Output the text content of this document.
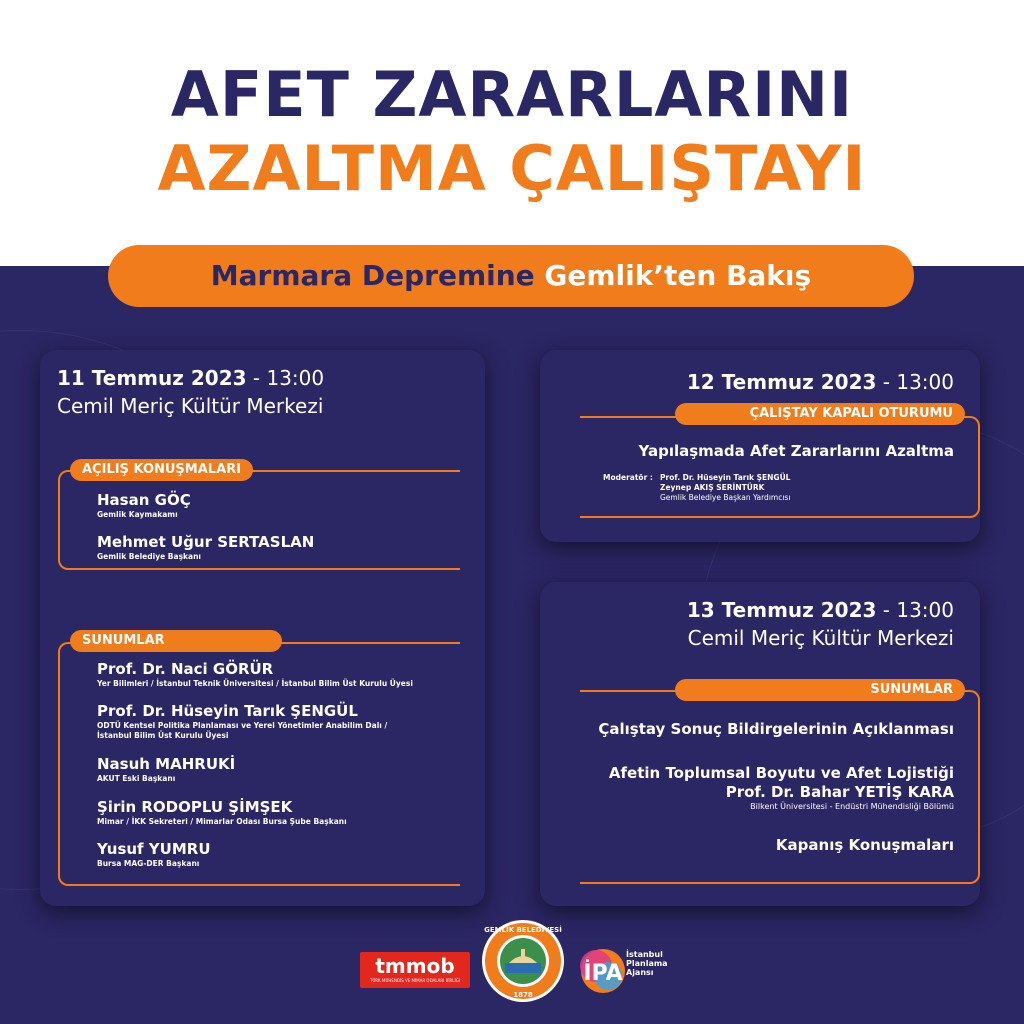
AFET ZARARLARINI
AZALTMA ÇALIŞTAYI
Marmara Depremine Gemlik’ten Bakış
11 Temmuz 2023 - 13:00
Cemil Meriç Kültür Merkezi
AÇILIŞ KONUŞMALARI
Hasan GÖÇ
Gemlik Kaymakamı
Mehmet Uğur SERTASLAN
Gemlik Belediye Başkanı
SUNUMLAR
Prof. Dr. Naci GÖRÜR
Yer Bilimleri / İstanbul Teknik Üniversitesi / İstanbul Bilim Üst Kurulu Üyesi
Prof. Dr. Hüseyin Tarık ŞENGÜL
ODTÜ Kentsel Politika Planlaması ve Yerel Yönetimler Anabilim Dalı /
İstanbul Bilim Üst Kurulu Üyesi
Nasuh MAHRUKİ
AKUT Eski Başkanı
Şirin RODOPLU ŞİMŞEK
Mimar / İKK Sekreteri / Mimarlar Odası Bursa Şube Başkanı
Yusuf YUMRU
Bursa MAG-DER Başkanı
12 Temmuz 2023 - 13:00
ÇALIŞTAY KAPALI OTURUMU
Yapılaşmada Afet Zararlarını Azaltma
Moderatör : Prof. Dr. Hüseyin Tarık ŞENGÜL
Zeynep AKIŞ SERİNTÜRK
Gemlik Belediye Başkan Yardımcısı
13 Temmuz 2023 - 13:00
Cemil Meriç Kültür Merkezi
SUNUMLAR
Çalıştay Sonuç Bildirgelerinin Açıklanması
Afetin Toplumsal Boyutu ve Afet Lojistiği
Prof. Dr. Bahar YETİŞ KARA
Bilkent Üniversitesi - Endüstri Mühendisliği Bölümü
Kapanış Konuşmaları
tmmob
TÜRK MÜHENDİS VE MİMAR ODALARI BİRLİĞİ
GEMLİK BELEDİYESİ
1878
İPA
İstanbul
Planlama
Ajansı
